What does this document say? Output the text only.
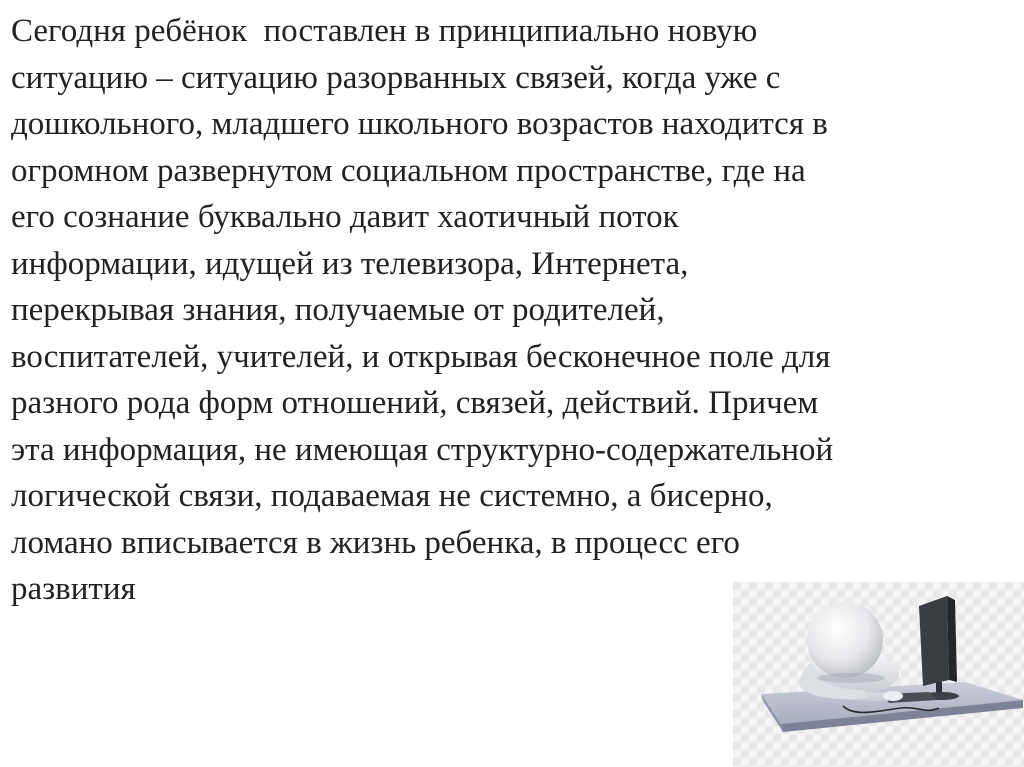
Сегодня ребёнок  поставлен в принципиально новую
ситуацию – ситуацию разорванных связей, когда уже с
дошкольного, младшего школьного возрастов находится в
огромном развернутом социальном пространстве, где на
его сознание буквально давит хаотичный поток
информации, идущей из телевизора, Интернета,
перекрывая знания, получаемые от родителей,
воспитателей, учителей, и открывая бесконечное поле для
разного рода форм отношений, связей, действий. Причем
эта информация, не имеющая структурно-содержательной
логической связи, подаваемая не системно, а бисерно,
ломано вписывается в жизнь ребенка, в процесс его
развития
